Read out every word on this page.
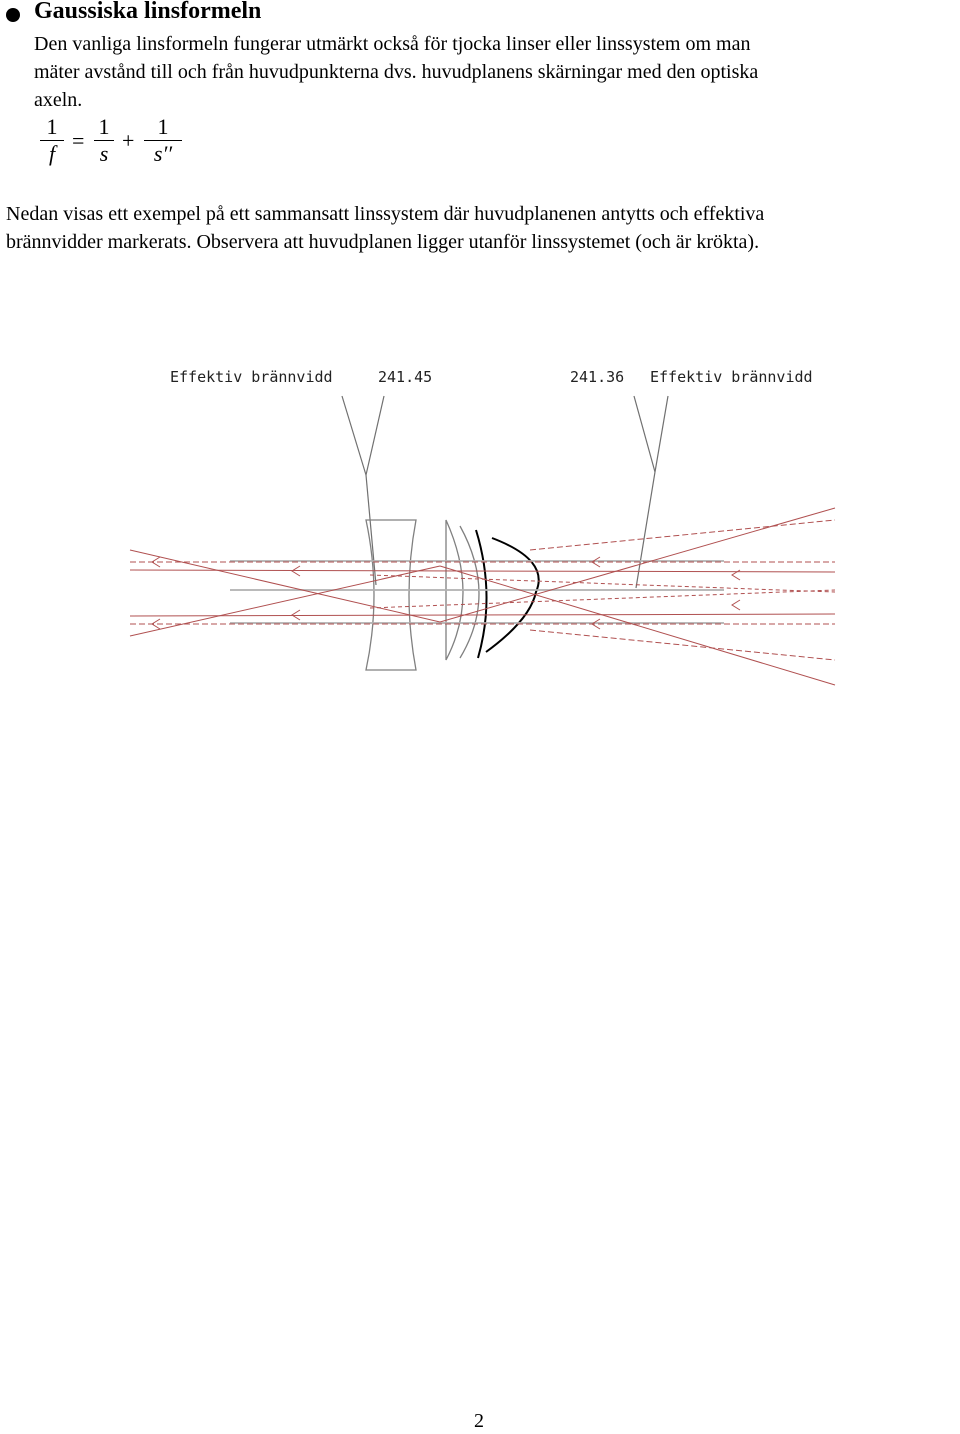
Gaussiska linsformeln
Den vanliga linsformeln fungerar utmärkt också för tjocka linser eller linssystem om man
mäter avstånd till och från huvudpunkterna dvs. huvudplanens skärningar med den optiska
axeln.
1
f
=
1
s
+
1
s′′
Nedan visas ett exempel på ett sammansatt linssystem där huvudplanenen antytts och effektiva
brännvidder markerats. Observera att huvudplanen ligger utanför linssystemet (och är krökta).
Effektiv brännvidd	241.45	241.36 Effektiv brännvidd
2
